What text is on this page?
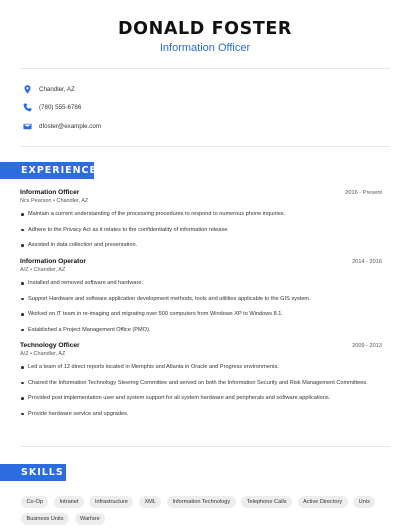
DONALD FOSTER
Information Officer
Chandler, AZ
(780) 555-6786
dfoster@example.com
EXPERIENCE
Information Officer	2016 - Present
Ncs Pearson • Chandler, AZ
Maintain a current understanding of the processing procedures to respond to numerous phone inquiries.
Adhere to the Privacy Act as it relates to the confidentiality of information release.
Assisted in data collection and presentation.
Information Operator	2014 - 2016
A/Z • Chandler, AZ
Installed and removed software and hardware.
Support Hardware and software application development methods, tools and utilities applicable to the GIS system.
Worked on IT team in re-imaging and migrating over 500 computers from Windows XP to Windows 8.1.
Established a Project Management Office (PMO).
Technology Officer	2009 - 2013
A/Z • Chandler, AZ
Led a team of 12 direct reports located in Memphis and Atlanta in Oracle and Progress environments.
Chaired the Information Technology Steering Committee and served on both the Information Security and Risk Management Committees.
Provided post implementation user and system support for all system hardware and peripherals and software applications.
Provide hardware service and upgrades.
SKILLS
Co-Op	Intranet	Infrastructure	XML	Information Technology	Telephone Calls	Active Directory	Unix
Business Units	Warfare
